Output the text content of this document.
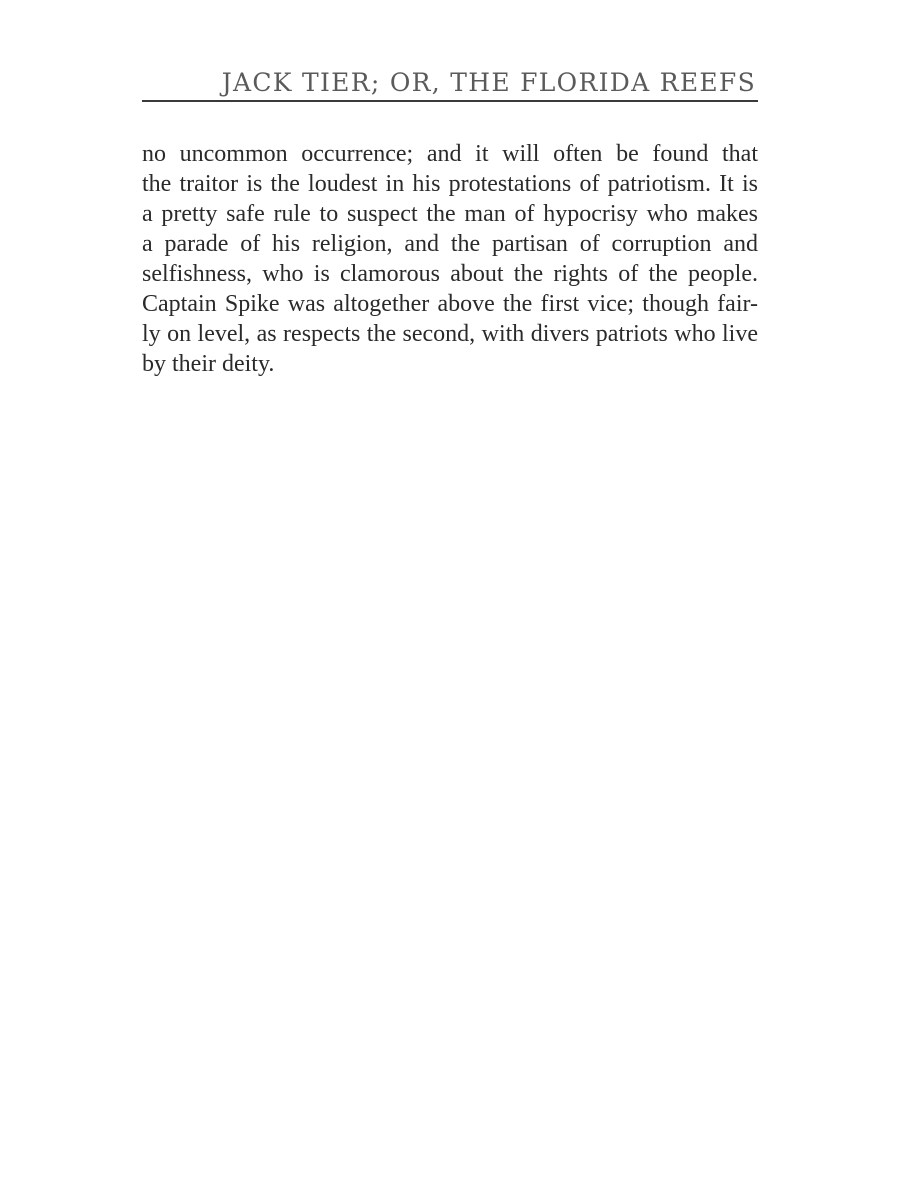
JACK TIER; OR, THE FLORIDA REEFS
no uncommon occurrence; and it will often be found that
the traitor is the loudest in his protestations of patriotism. It is
a pretty safe rule to suspect the man of hypocrisy who makes
a parade of his religion, and the partisan of corruption and
selfishness, who is clamorous about the rights of the people.
Captain Spike was altogether above the first vice; though fair-
ly on level, as respects the second, with divers patriots who live
by their deity.
